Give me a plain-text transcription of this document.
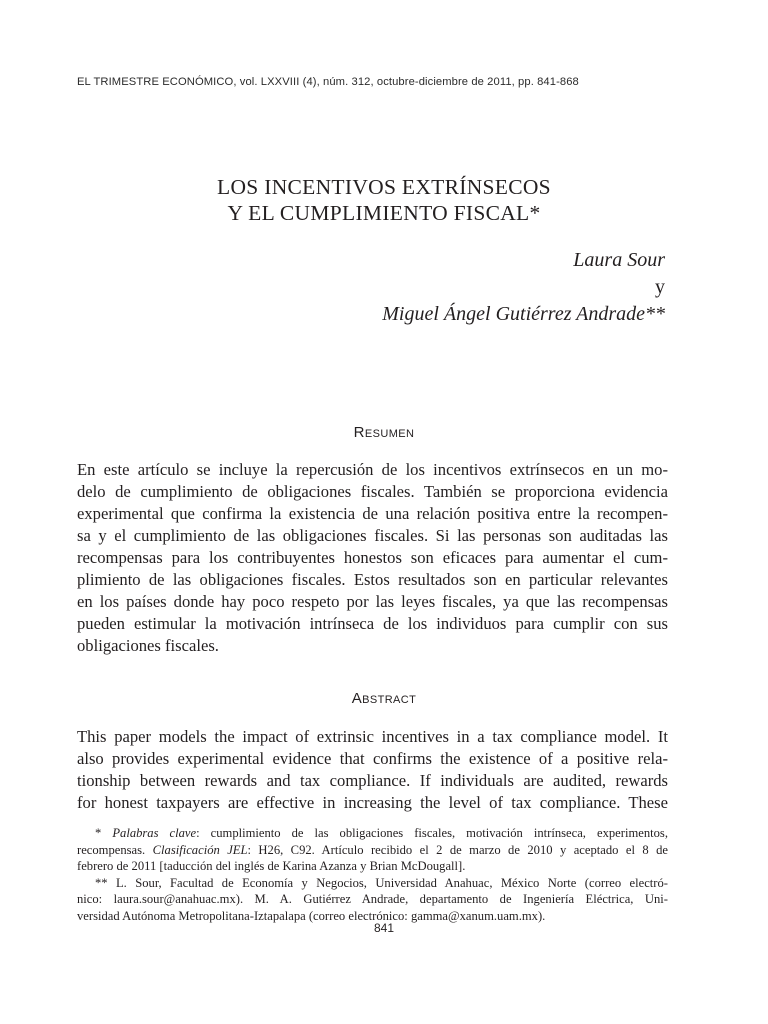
EL TRIMESTRE ECONÓMICO, vol. LXXVIII (4), núm. 312, octubre-diciembre de 2011, pp. 841-868
LOS INCENTIVOS EXTRÍNSECOS
Y EL CUMPLIMIENTO FISCAL*
Laura Sour
y
Miguel Ángel Gutiérrez Andrade**
Resumen
En este artículo se incluye la repercusión de los incentivos extrínsecos en un mo-
delo de cumplimiento de obligaciones fiscales. También se proporciona evidencia
experimental que confirma la existencia de una relación positiva entre la recompen-
sa y el cumplimiento de las obligaciones fiscales. Si las personas son auditadas las
recompensas para los contribuyentes honestos son eficaces para aumentar el cum-
plimiento de las obligaciones fiscales. Estos resultados son en particular relevantes
en los países donde hay poco respeto por las leyes fiscales, ya que las recompensas
pueden estimular la motivación intrínseca de los individuos para cumplir con sus
obligaciones fiscales.
Abstract
This paper models the impact of extrinsic incentives in a tax compliance model. It
also provides experimental evidence that confirms the existence of a positive rela-
tionship between rewards and tax compliance. If individuals are audited, rewards
for honest taxpayers are effective in increasing the level of tax compliance. These
* Palabras clave: cumplimiento de las obligaciones fiscales, motivación intrínseca, experimentos,
recompensas. Clasificación JEL: H26, C92. Artículo recibido el 2 de marzo de 2010 y aceptado el 8 de
febrero de 2011 [taducción del inglés de Karina Azanza y Brian McDougall].
** L. Sour, Facultad de Economía y Negocios, Universidad Anahuac, México Norte (correo electró-
nico: laura.sour@anahuac.mx). M. A. Gutiérrez Andrade, departamento de Ingeniería Eléctrica, Uni-
versidad Autónoma Metropolitana-Iztapalapa (correo electrónico: gamma@xanum.uam.mx).
841
